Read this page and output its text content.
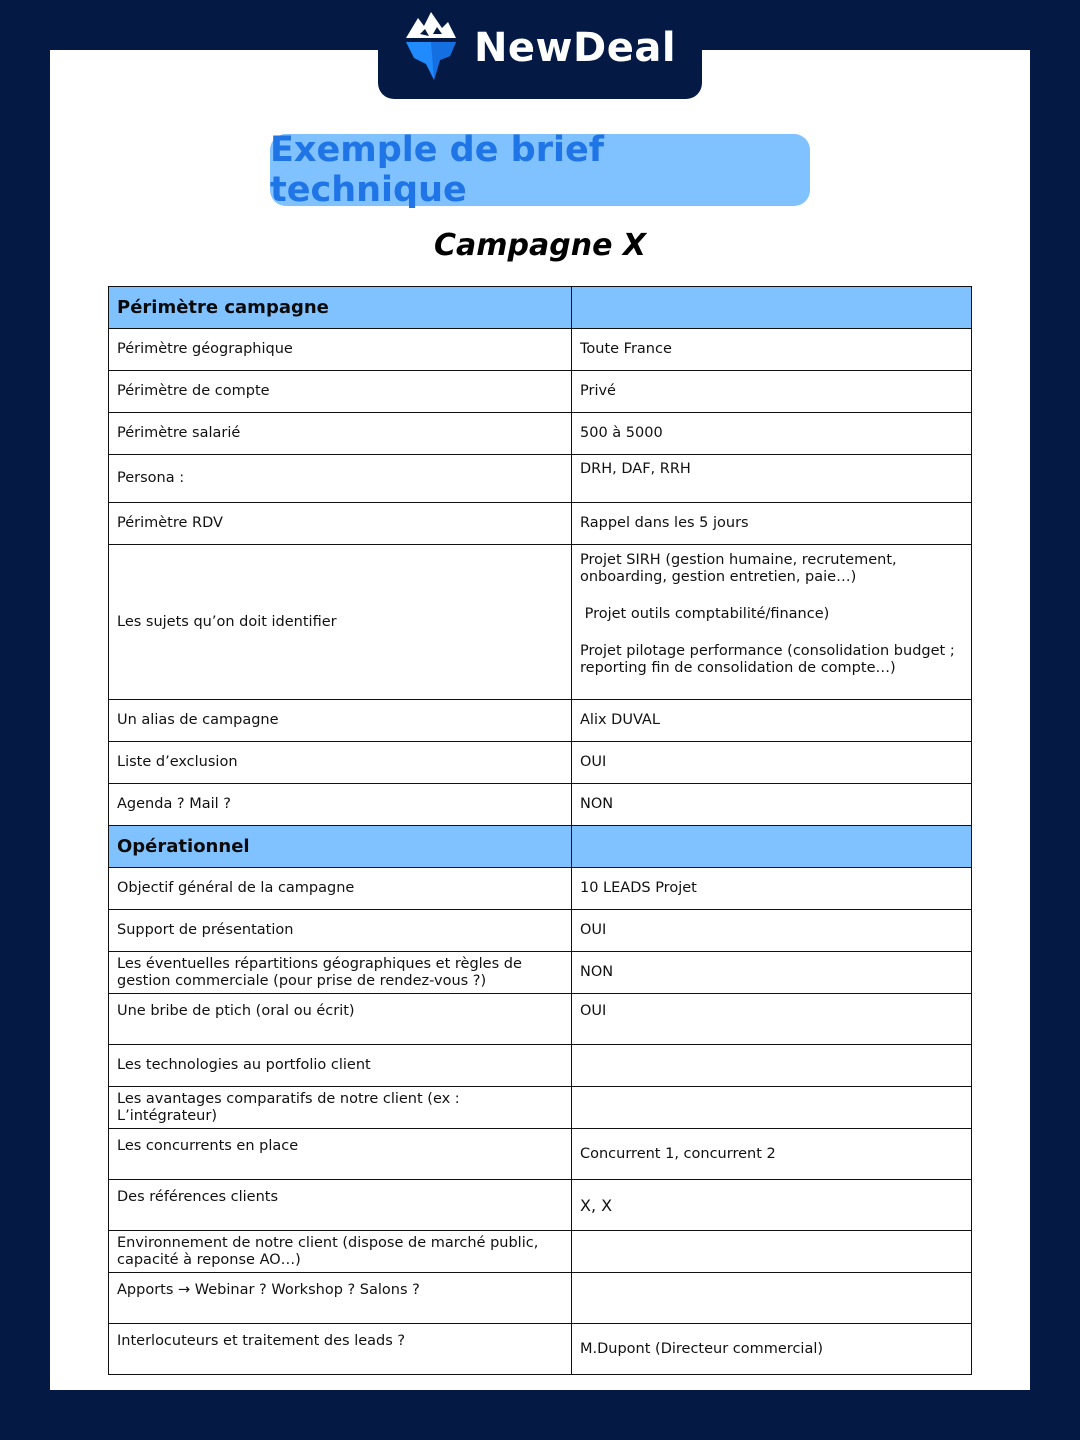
NewDeal
Exemple de brief technique
Campagne X
Périmètre campagne	
Périmètre géographique	Toute France
Périmètre de compte	Privé
Périmètre salarié	500 à 5000
Persona :	DRH, DAF, RRH
Périmètre RDV	Rappel dans les 5 jours
Les sujets qu’on doit identifier	Projet SIRH (gestion humaine, recrutement, onboarding, gestion entretien, paie…)

Projet outils comptabilité/finance)

Projet pilotage performance (consolidation budget ; reporting fin de consolidation de compte…)

Un alias de campagne	Alix DUVAL
Liste d’exclusion	OUI
Agenda ? Mail ?	NON
Opérationnel	
Objectif général de la campagne	10 LEADS Projet
Support de présentation	OUI
Les éventuelles répartitions géographiques et règles de gestion commerciale (pour prise de rendez-vous ?)	NON
Une bribe de ptich (oral ou écrit)	OUI
Les technologies au portfolio client	
Les avantages comparatifs de notre client (ex : L’intégrateur)	
Les concurrents en place	Concurrent 1, concurrent 2
Des références clients	X, X
Environnement de notre client (dispose de marché public, capacité à reponse AO…)	
Apports → Webinar ? Workshop ? Salons ?	
Interlocuteurs et traitement des leads ?	M.Dupont (Directeur commercial)
